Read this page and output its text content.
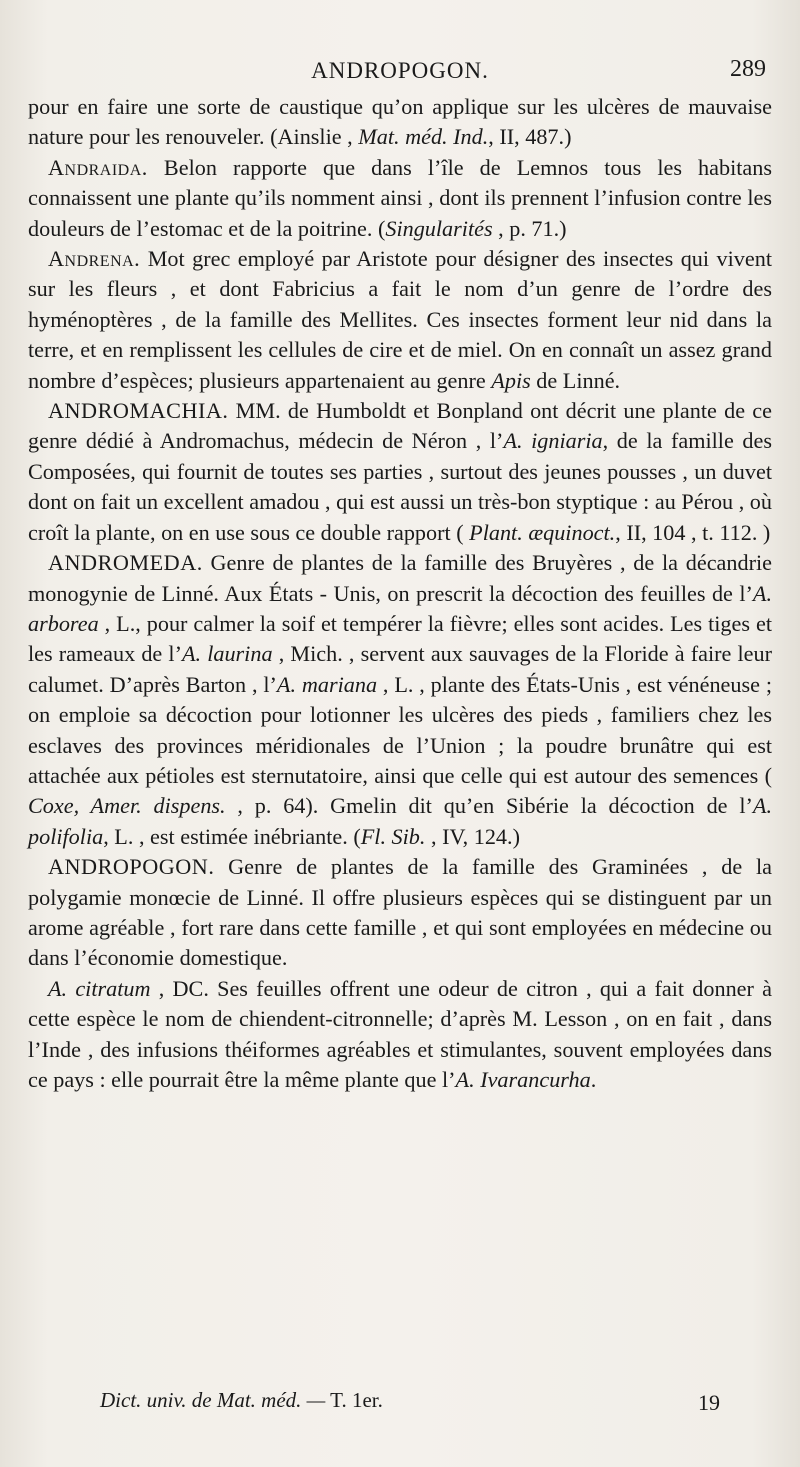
ANDROPOGON.	289

pour en faire une sorte de caustique qu’on applique sur les ulcères de mauvaise nature pour les renouveler. (Ainslie , Mat. méd. Ind., II, 487.)

Andraida. Belon rapporte que dans l’île de Lemnos tous les habitans connaissent une plante qu’ils nomment ainsi , dont ils prennent l’infusion contre les douleurs de l’estomac et de la poitrine. (Singularités , p. 71.)

Andrena. Mot grec employé par Aristote pour désigner des insectes qui vivent sur les fleurs , et dont Fabricius a fait le nom d’un genre de l’ordre des hyménoptères , de la famille des Mellites. Ces insectes forment leur nid dans la terre, et en remplissent les cellules de cire et de miel. On en connaît un assez grand nombre d’espèces; plusieurs appartenaient au genre Apis de Linné.

ANDROMACHIA. MM. de Humboldt et Bonpland ont décrit une plante de ce genre dédié à Andromachus, médecin de Néron , l’A. igniaria, de la famille des Composées, qui fournit de toutes ses parties , surtout des jeunes pousses , un duvet dont on fait un excellent amadou , qui est aussi un très-bon styptique : au Pérou , où croît la plante, on en use sous ce double rapport ( Plant. æquinoct., II, 104 , t. 112. )

ANDROMEDA. Genre de plantes de la famille des Bruyères , de la décandrie monogynie de Linné. Aux États - Unis, on prescrit la décoction des feuilles de l’A. arborea , L., pour calmer la soif et tempérer la fièvre; elles sont acides. Les tiges et les rameaux de l’A. laurina , Mich. , servent aux sauvages de la Floride à faire leur calumet. D’après Barton , l’A. mariana , L. , plante des États-Unis , est vénéneuse ; on emploie sa décoction pour lotionner les ulcères des pieds , familiers chez les esclaves des provinces méridionales de l’Union ; la poudre brunâtre qui est attachée aux pétioles est sternutatoire, ainsi que celle qui est autour des semences ( Coxe, Amer. dispens. , p. 64). Gmelin dit qu’en Sibérie la décoction de l’A. polifolia, L. , est estimée inébriante. (Fl. Sib. , IV, 124.)

ANDROPOGON. Genre de plantes de la famille des Graminées , de la polygamie monœcie de Linné. Il offre plusieurs espèces qui se distinguent par un arome agréable , fort rare dans cette famille , et qui sont employées en médecine ou dans l’économie domestique.

A. citratum , DC. Ses feuilles offrent une odeur de citron , qui a fait donner à cette espèce le nom de chiendent-citronnelle; d’après M. Lesson , on en fait , dans l’Inde , des infusions théiformes agréables et stimulantes, souvent employées dans ce pays : elle pourrait être la même plante que l’A. Ivarancurha.

Dict. univ. de Mat. méd. — T. 1er.	19
